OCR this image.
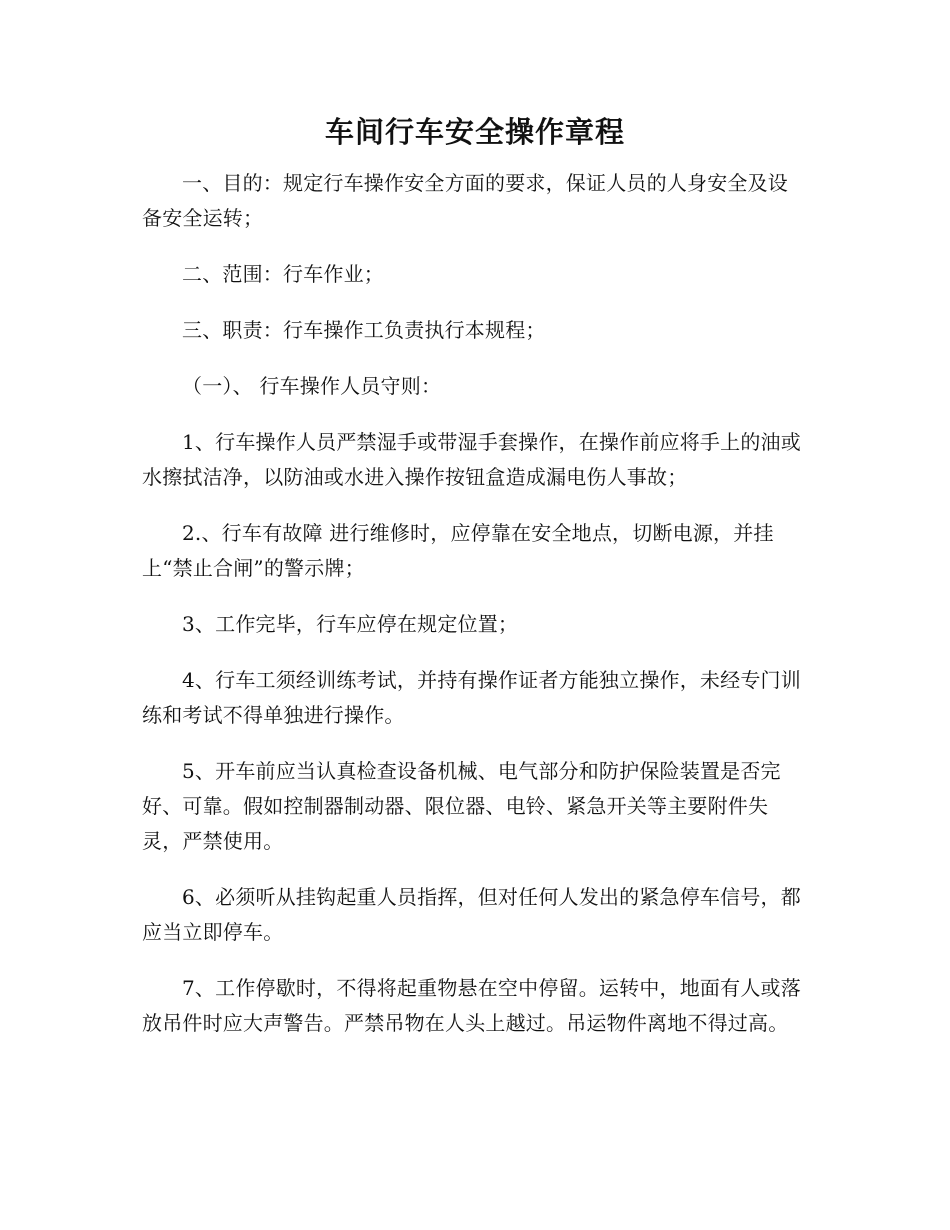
车间行车安全操作章程

一、目的：规定行车操作安全方面的要求，保证人员的人身安全及设备安全运转；

二、范围：行车作业；

三、职责：行车操作工负责执行本规程；

（一）、 行车操作人员守则：

1、行车操作人员严禁湿手或带湿手套操作，在操作前应将手上的油或水擦拭洁净，以防油或水进入操作按钮盒造成漏电伤人事故；

2.、行车有故障 进行维修时，应停靠在安全地点，切断电源，并挂上“禁止合闸”的警示牌；

3、工作完毕，行车应停在规定位置；

4、行车工须经训练考试，并持有操作证者方能独立操作，未经专门训练和考试不得单独进行操作。

5、开车前应当认真检查设备机械、电气部分和防护保险装置是否完好、可靠。假如控制器制动器、限位器、电铃、紧急开关等主要附件失灵，严禁使用。

6、必须听从挂钩起重人员指挥，但对任何人发出的紧急停车信号，都应当立即停车。

7、工作停歇时，不得将起重物悬在空中停留。运转中，地面有人或落放吊件时应大声警告。严禁吊物在人头上越过。吊运物件离地不得过高。
